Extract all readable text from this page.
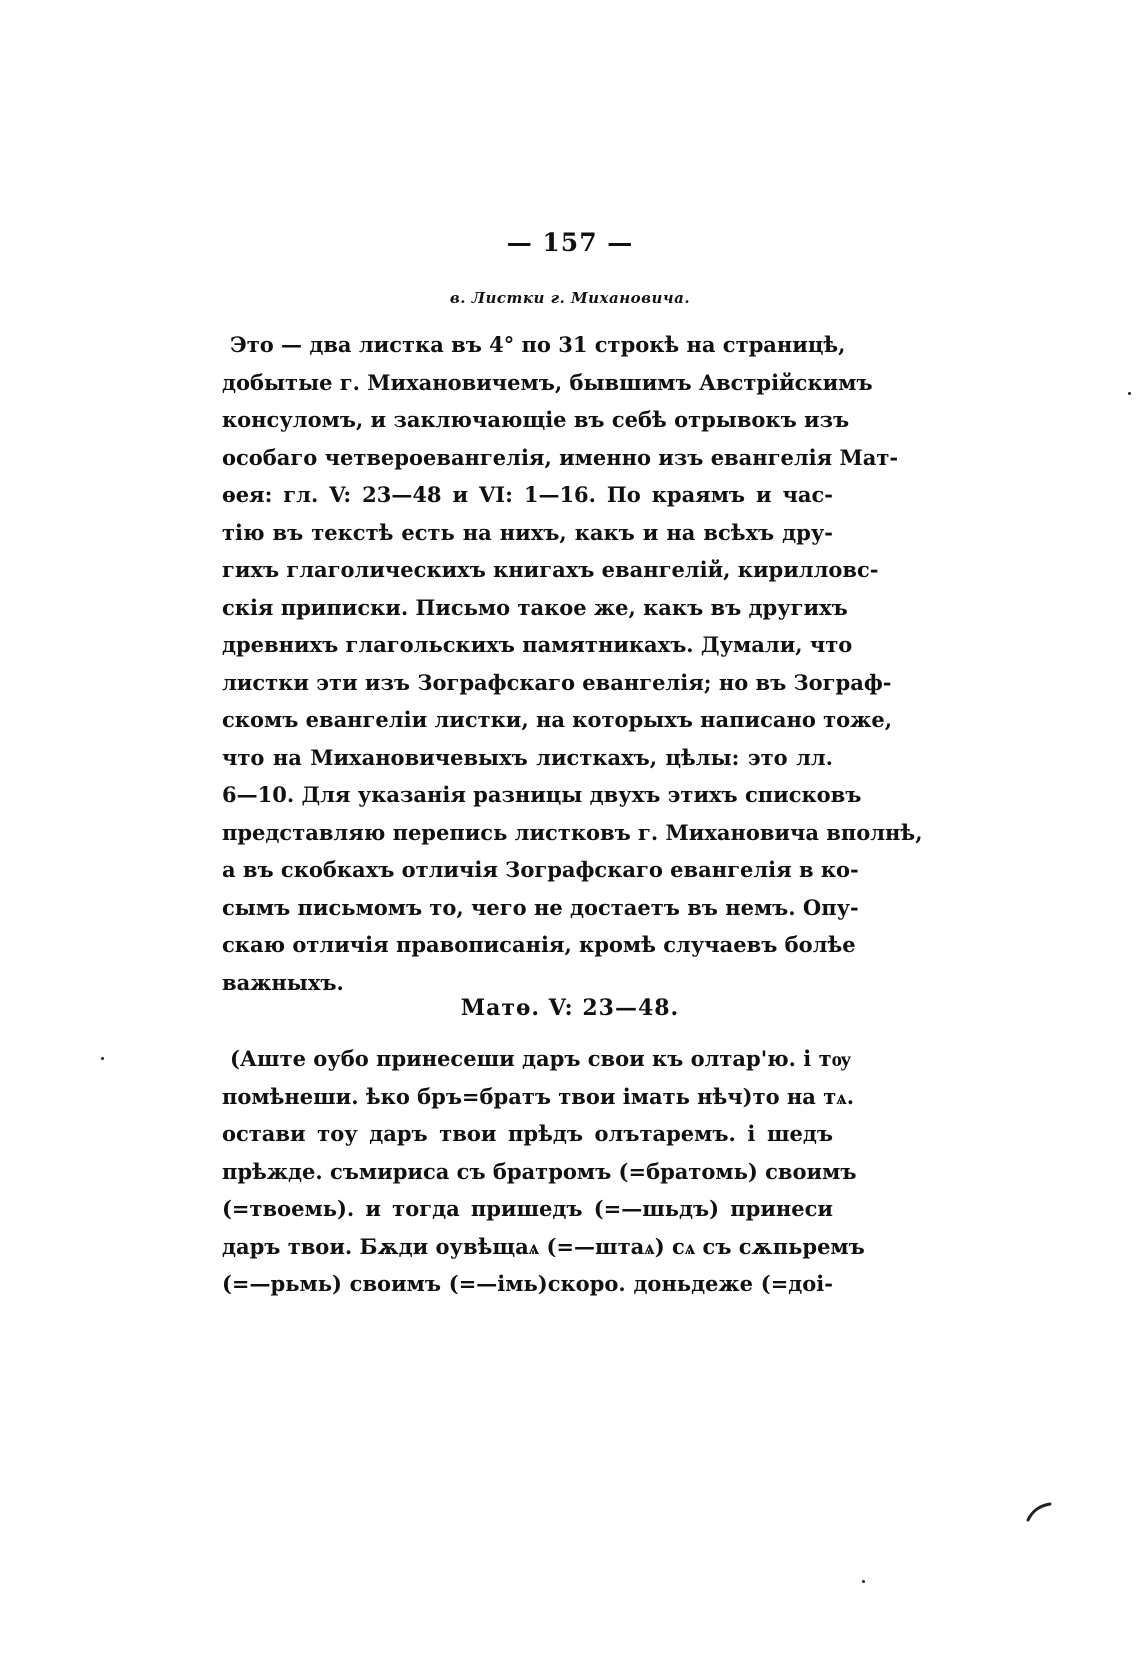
— 157 —
в. Листки г. Михановича.
Это — два листка въ 4° по 31 строкѣ на страницѣ,
добытые г. Михановичемъ, бывшимъ Австрійскимъ
консуломъ, и заключающіе въ себѣ отрывокъ изъ
особаго четвероевангелія, именно изъ евангелія Мат-
ѳея: гл. V: 23—48 и VI: 1—16. По краямъ и час-
тію въ текстѣ есть на нихъ, какъ и на всѣхъ дру-
гихъ глаголическихъ книгахъ евангелій, кирилловс-
скія приписки. Письмо такое же, какъ въ другихъ
древнихъ глагольскихъ памятникахъ. Думали, что
листки эти изъ Зографскаго евангелія; но въ Зограф-
скомъ евангеліи листки, на которыхъ написано тоже,
что на Михановичевыхъ листкахъ, цѣлы: это лл.
6—10. Для указанія разницы двухъ этихъ списковъ
представляю перепись листковъ г. Михановича вполнѣ,
а въ скобкахъ отличія Зографскаго евангелія в ко-
сымъ письмомъ то, чего не достаетъ въ немъ. Опу-
скаю отличія правописанія, кромѣ случаевъ болѣе
важныхъ.
Матѳ. V: 23—48.
(Аште оубо принесеши даръ свои къ олтар'ю. і тѹ
помѣнеши. ѣко бръ=братъ твои імать нѣч)то на тѧ.
остави тоу даръ твои прѣдъ олътаремъ. і шедъ
прѣжде. съмириса съ братромъ (=братомь) своимъ
(=твоемь). и тогда пришедъ (=—шьдъ) принеси
даръ твои. Бѫди оувѣщаѧ (=—штаѧ) сѧ съ сѫпьремъ
(=—рьмь) своимъ (=—імь)скоро. доньдеже (=доі-
